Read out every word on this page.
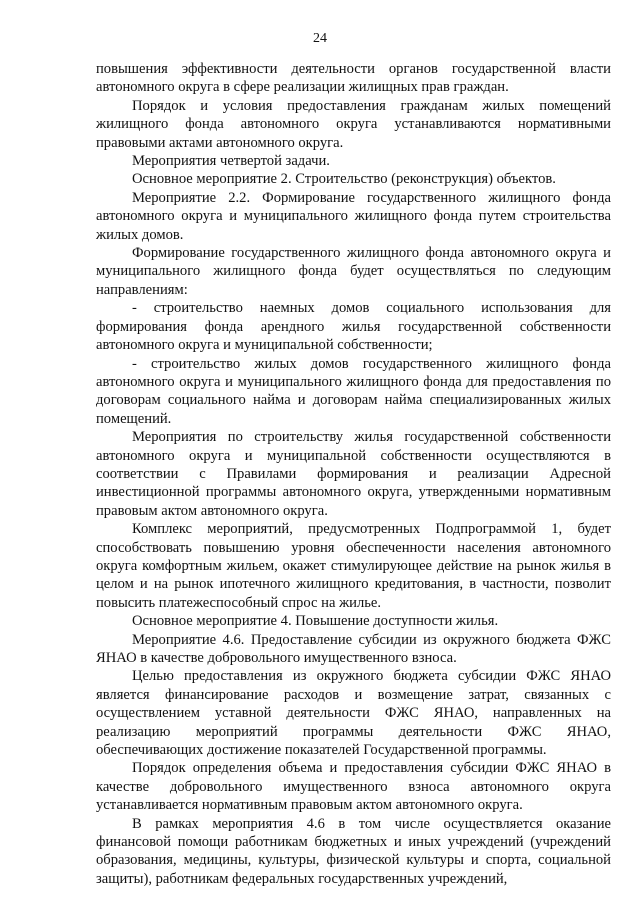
24

повышения эффективности деятельности органов государственной власти автономного округа в сфере реализации жилищных прав граждан.

Порядок и условия предоставления гражданам жилых помещений жилищного фонда автономного округа устанавливаются нормативными правовыми актами автономного округа.

Мероприятия четвертой задачи.

Основное мероприятие 2. Строительство (реконструкция) объектов.

Мероприятие 2.2. Формирование государственного жилищного фонда автономного округа и муниципального жилищного фонда путем строительства жилых домов.

Формирование государственного жилищного фонда автономного округа и муниципального жилищного фонда будет осуществляться по следующим направлениям:

- строительство наемных домов социального использования для формирования фонда арендного жилья государственной собственности автономного округа и муниципальной собственности;

- строительство жилых домов государственного жилищного фонда автономного округа и муниципального жилищного фонда для предоставления по договорам социального найма и договорам найма специализированных жилых помещений.

Мероприятия по строительству жилья государственной собственности автономного округа и муниципальной собственности осуществляются в соответствии с Правилами формирования и реализации Адресной инвестиционной программы автономного округа, утвержденными нормативным правовым актом автономного округа.

Комплекс мероприятий, предусмотренных Подпрограммой 1, будет способствовать повышению уровня обеспеченности населения автономного округа комфортным жильем, окажет стимулирующее действие на рынок жилья в целом и на рынок ипотечного жилищного кредитования, в частности, позволит повысить платежеспособный спрос на жилье.

Основное мероприятие 4. Повышение доступности жилья.

Мероприятие 4.6. Предоставление субсидии из окружного бюджета ФЖС ЯНАО в качестве добровольного имущественного взноса.

Целью предоставления из окружного бюджета субсидии ФЖС ЯНАО является финансирование расходов и возмещение затрат, связанных с осуществлением уставной деятельности ФЖС ЯНАО, направленных на реализацию мероприятий программы деятельности ФЖС ЯНАО, обеспечивающих достижение показателей Государственной программы.

Порядок определения объема и предоставления субсидии ФЖС ЯНАО в качестве добровольного имущественного взноса автономного округа устанавливается нормативным правовым актом автономного округа.

В рамках мероприятия 4.6 в том числе осуществляется оказание финансовой помощи работникам бюджетных и иных учреждений (учреждений образования, медицины, культуры, физической культуры и спорта, социальной защиты), работникам федеральных государственных учреждений,
